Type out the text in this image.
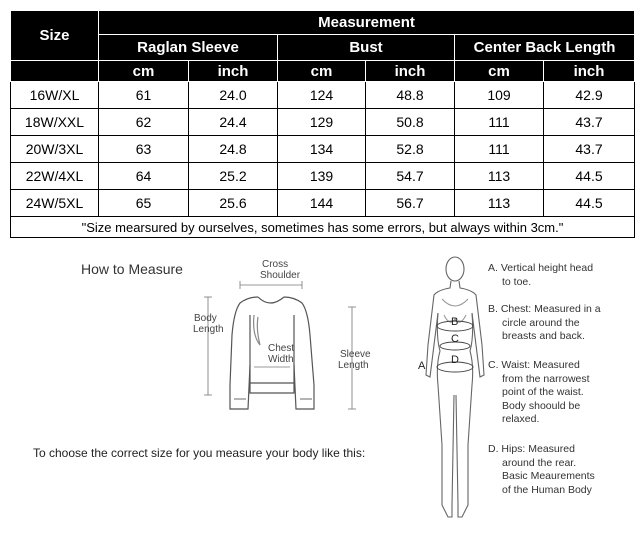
Size	Measurement					
	Raglan Sleeve		Bust		Center Back Length	
	cm	inch	cm	inch	cm	inch
16W/XL	61	24.0	124	48.8	109	42.9
18W/XXL	62	24.4	129	50.8	111	43.7
20W/3XL	63	24.8	134	52.8	111	43.7
22W/4XL	64	25.2	139	54.7	113	44.5
24W/5XL	65	25.6	144	56.7	113	44.5
"Size mearsured by ourselves, sometimes has some errors, but always within 3cm."						
How to Measure	Cross
Shoulder
Body
Length
Chest
Width	Sleeve
Length
To choose the correct size for you measure your body like this:
A
B
C
D
A. Vertical height head
to toe.
B. Chest: Measured in a
circle around the
breasts and back.
C. Waist: Measured
from the narrowest
point of the waist.
Body shoould be
relaxed.
D. Hips: Measured
around the rear.
Basic Meaurements
of the Human Body
